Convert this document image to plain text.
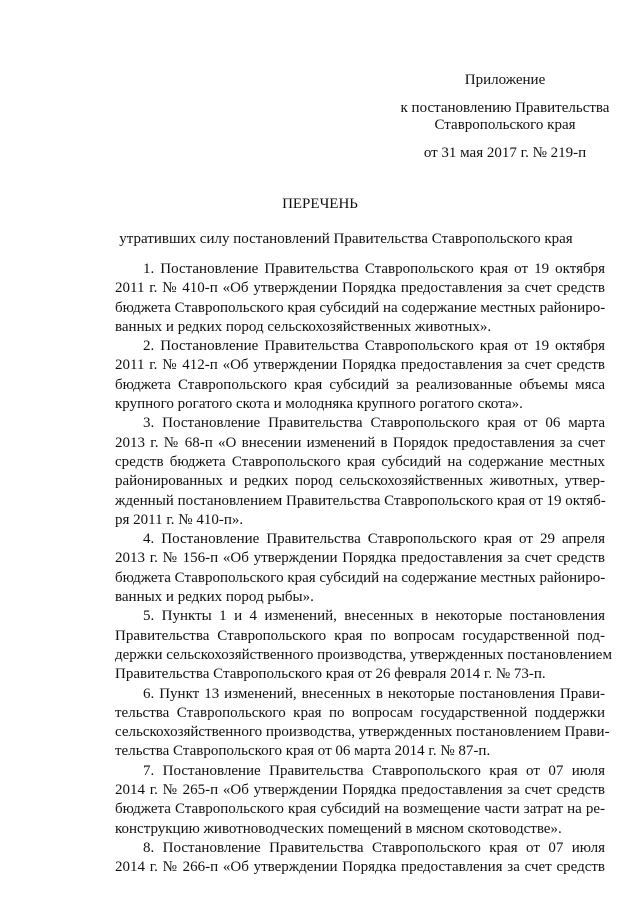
Приложение
к постановлению Правительства
Ставропольского края
от 31 мая 2017 г. № 219-п
ПЕРЕЧЕНЬ
утративших силу постановлений Правительства Ставропольского края
1. Постановление Правительства Ставропольского края от 19 октября
2011 г. № 410-п «Об утверждении Порядка предоставления за счет средств
бюджета Ставропольского края субсидий на содержание местных райониро-
ванных и редких пород сельскохозяйственных животных».
2. Постановление Правительства Ставропольского края от 19 октября
2011 г. № 412-п «Об утверждении Порядка предоставления за счет средств
бюджета Ставропольского края субсидий за реализованные объемы мяса
крупного рогатого скота и молодняка крупного рогатого скота».
3. Постановление Правительства Ставропольского края от 06 марта
2013 г. № 68-п «О внесении изменений в Порядок предоставления за счет
средств бюджета Ставропольского края субсидий на содержание местных
районированных и редких пород сельскохозяйственных животных, утвер-
жденный постановлением Правительства Ставропольского края от 19 октяб-
ря 2011 г. № 410-п».
4. Постановление Правительства Ставропольского края от 29 апреля
2013 г. № 156-п «Об утверждении Порядка предоставления за счет средств
бюджета Ставропольского края субсидий на содержание местных райониро-
ванных и редких пород рыбы».
5. Пункты 1 и 4 изменений, внесенных в некоторые постановления
Правительства Ставропольского края по вопросам государственной под-
держки сельскохозяйственного производства, утвержденных постановлением
Правительства Ставропольского края от 26 февраля 2014 г. № 73-п.
6. Пункт 13 изменений, внесенных в некоторые постановления Прави-
тельства Ставропольского края по вопросам государственной поддержки
сельскохозяйственного производства, утвержденных постановлением Прави-
тельства Ставропольского края от 06 марта 2014 г. № 87-п.
7. Постановление Правительства Ставропольского края от 07 июля
2014 г. № 265-п «Об утверждении Порядка предоставления за счет средств
бюджета Ставропольского края субсидий на возмещение части затрат на ре-
конструкцию животноводческих помещений в мясном скотоводстве».
8. Постановление Правительства Ставропольского края от 07 июля
2014 г. № 266-п «Об утверждении Порядка предоставления за счет средств
